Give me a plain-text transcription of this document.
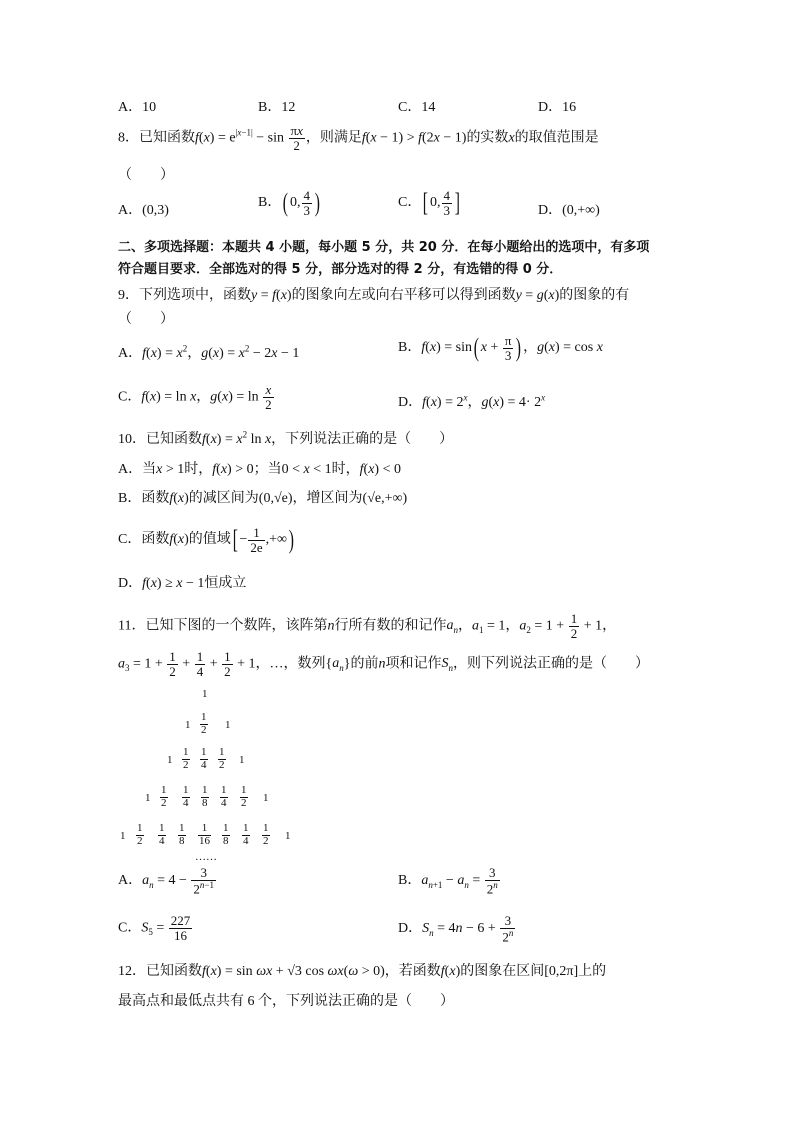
A．10	B．12	C．14	D．16
8．已知函数$f(x) = e^{|x-1|} - \sin \frac{\pi x}{2}$ ，则满足f(x − 1) > f(2x − 1)的实数x的取值范围是
（　　）
A．(0,3)
B．( 0, $\frac{4}{3}$ )	C．[ 0, $\frac{4}{3}$ ]	D．(0,+∞)
二、多项选择题：本题共 4 小题，每小题 5 分，共 20 分．在每小题给出的选项中，有多项
符合题目要求．全部选对的得 5 分，部分选对的得 2 分，有选错的得 0 分．
9．下列选项中，函数y = f(x)的图象向左或向右平移可以得到函数y = g(x)的图象的有
（　　）
A．$f(x) = x^2$，$g(x) = x^2 - 2x - 1$	B．f(x) = sin( $x + \frac{\pi}{3}$ ) ，g(x) = cos x
C．f(x) = ln x，$g(x) = \ln \frac{x}{2}$	D．$f(x) = 2^x$，$g(x) = 4\cdot 2^x$
10．已知函数$f(x) = x^2$ ln x，下列说法正确的是（　　）
A．当x > 1时，f(x) > 0；当0 < x < 1时，f(x) < 0
B．函数f(x)的减区间为(0,√e)，增区间为(√e,+∞)
C．函数f(x)的值域[ − $\frac{1}{2e}$ ,+∞)
D．f(x) ≥ x − 1恒成立
11．已知下图的一个数阵，该阵第n行所有数的和记作$a_n$，$a_1 = 1$，$a_2 = 1 + \frac{1}{2} + 1$，
$a_3 = 1 + \frac{1}{2} + \frac{1}{4} + \frac{1}{2} + 1$，…，数列$\{a_n\}$的前n项和记作$S_n$，则下列说法正确的是（　　）
1
$1 \frac{1}{2} 1$
$1 \frac{1}{2} \frac{1}{4} \frac{1}{2} 1$
$1 \frac{1}{2} \frac{1}{4} \frac{1}{8} \frac{1}{4} \frac{1}{2} 1$
$1 \frac{1}{2} \frac{1}{4} \frac{1}{8} \frac{1}{16} \frac{1}{8} \frac{1}{4} \frac{1}{2} 1$
……
A．$a_n = 4 - \frac{3}{2^{n-1}}$	B．$a_{n+1} - a_n = \frac{3}{2^n}$
C．$S_5 = \frac{227}{16}$	D．$S_n = 4n - 6 + \frac{3}{2^n}$
12．已知函数f(x) = sin ωx + √3 cos ωx(ω > 0)，若函数f(x)的图象在区间[0,2π]上的
最高点和最低点共有 6 个，下列说法正确的是（　　）
